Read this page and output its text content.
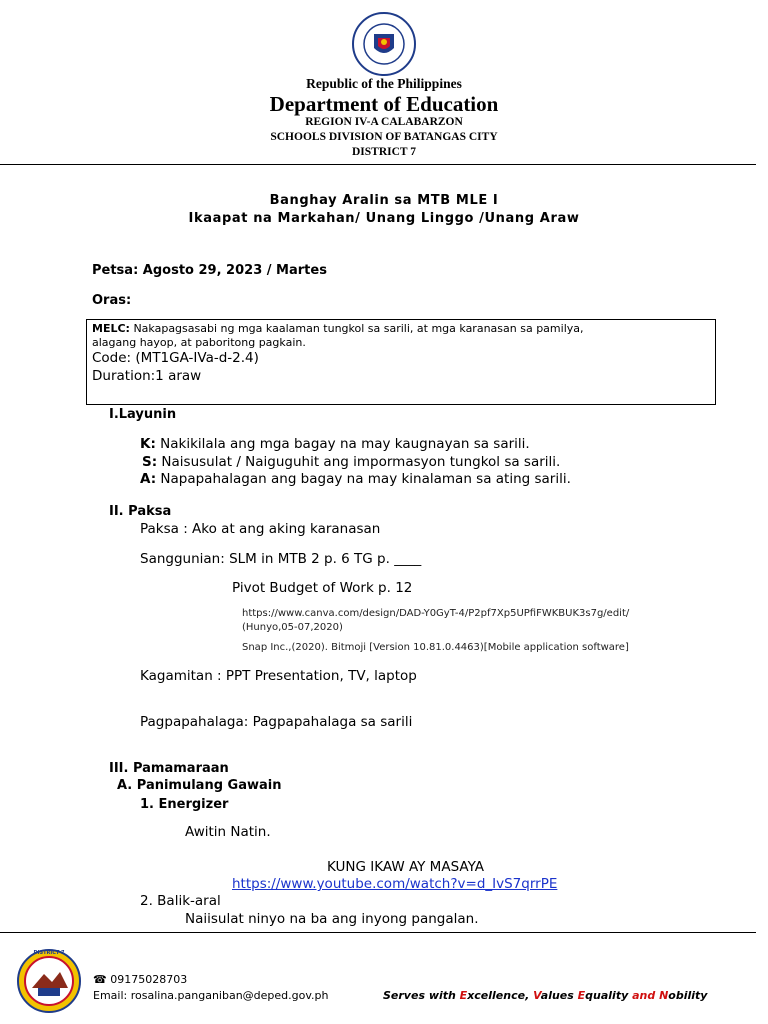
Republic of the Philippines
Department of Education
REGION IV-A CALABARZON
SCHOOLS DIVISION OF BATANGAS CITY
DISTRICT 7
Banghay Aralin sa MTB MLE I
Ikaapat na Markahan/ Unang Linggo /Unang Araw
Petsa: Agosto 29, 2023 / Martes
Oras:
MELC: Nakapagsasabi ng mga kaalaman tungkol sa sarili, at mga karanasan sa pamilya,
alagang hayop, at paboritong pagkain.
Code: (MT1GA-IVa-d-2.4)
Duration:1 araw
I.Layunin
K: Nakikilala ang mga bagay na may kaugnayan sa sarili.
S: Naisusulat / Naiguguhit ang impormasyon tungkol sa sarili.
A: Napapahalagan ang bagay na may kinalaman sa ating sarili.
II. Paksa
Paksa : Ako at ang aking karanasan
Sanggunian: SLM in MTB 2 p. 6 TG p. ____
Pivot Budget of Work p. 12
https://www.canva.com/design/DAD-Y0GyT-4/P2pf7Xp5UPfiFWKBUK3s7g/edit/
(Hunyo,05-07,2020)
Snap Inc.,(2020). Bitmoji [Version 10.81.0.4463)[Mobile application software]
Kagamitan : PPT Presentation, TV, laptop
Pagpapahalaga: Pagpapahalaga sa sarili
III. Pamamaraan
A. Panimulang Gawain
1. Energizer
Awitin Natin.
KUNG IKAW AY MASAYA
https://www.youtube.com/watch?v=d_IvS7qrrPE
2. Balik-aral
Naiisulat ninyo na ba ang inyong pangalan.
DISTRICT 7
☎ 09175028703
Email: rosalina.panganiban@deped.gov.ph	Serves with Excellence, Values Equality and Nobility
